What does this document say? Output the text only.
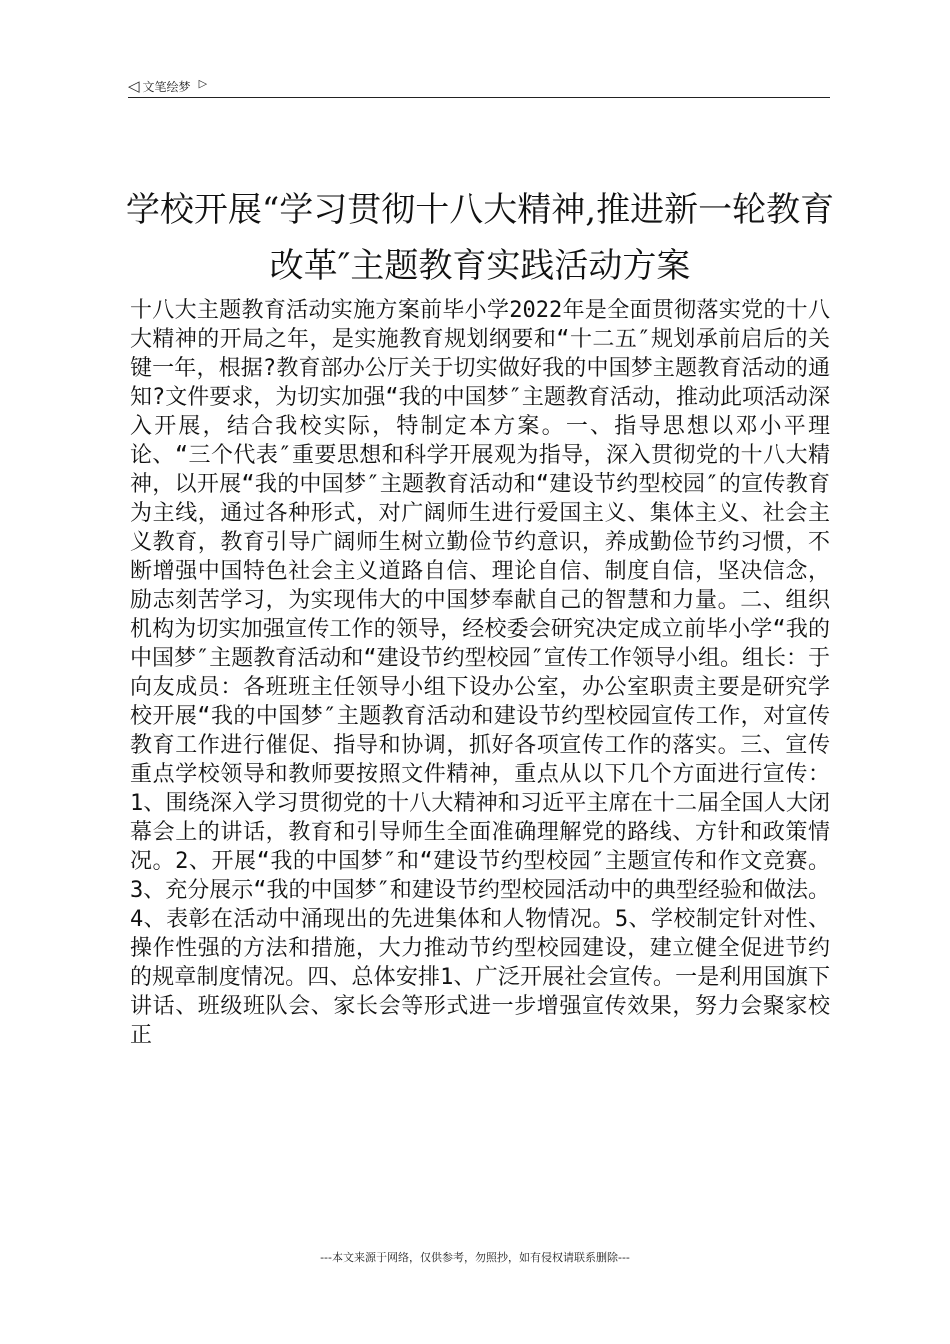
◁ 文笔绘梦 ▷
学校开展“学习贯彻十八大精神,推进新一轮教育改革″主题教育实践活动方案

十八大主题教育活动实施方案前毕小学2022年是全面贯彻落实党的十八大精神的开局之年，是实施教育规划纲要和“十二五″规划承前启后的关键一年，根据?教育部办公厅关于切实做好我的中国梦主题教育活动的通知?文件要求，为切实加强“我的中国梦″主题教育活动，推动此项活动深入开展，结合我校实际，特制定本方案。一、指导思想以邓小平理论、“三个代表″重要思想和科学开展观为指导，深入贯彻党的十八大精神，以开展“我的中国梦″主题教育活动和“建设节约型校园″的宣传教育为主线，通过各种形式，对广阔师生进行爱国主义、集体主义、社会主义教育，教育引导广阔师生树立勤俭节约意识，养成勤俭节约习惯，不断增强中国特色社会主义道路自信、理论自信、制度自信，坚决信念，励志刻苦学习，为实现伟大的中国梦奉献自己的智慧和力量。二、组织机构为切实加强宣传工作的领导，经校委会研究决定成立前毕小学“我的中国梦″主题教育活动和“建设节约型校园″宣传工作领导小组。组长：于向友成员：各班班主任领导小组下设办公室，办公室职责主要是研究学校开展“我的中国梦″主题教育活动和建设节约型校园宣传工作，对宣传教育工作进行催促、指导和协调，抓好各项宣传工作的落实。三、宣传重点学校领导和教师要按照文件精神，重点从以下几个方面进行宣传：1、围绕深入学习贯彻党的十八大精神和习近平主席在十二届全国人大闭幕会上的讲话，教育和引导师生全面准确理解党的路线、方针和政策情况。2、开展“我的中国梦″和“建设节约型校园″主题宣传和作文竞赛。3、充分展示“我的中国梦″和建设节约型校园活动中的典型经验和做法。4、表彰在活动中涌现出的先进集体和人物情况。5、学校制定针对性、操作性强的方法和措施，大力推动节约型校园建设，建立健全促进节约的规章制度情况。四、总体安排1、广泛开展社会宣传。一是利用国旗下讲话、班级班队会、家长会等形式进一步增强宣传效果，努力会聚家校正

---本文来源于网络，仅供参考，勿照抄，如有侵权请联系删除---
